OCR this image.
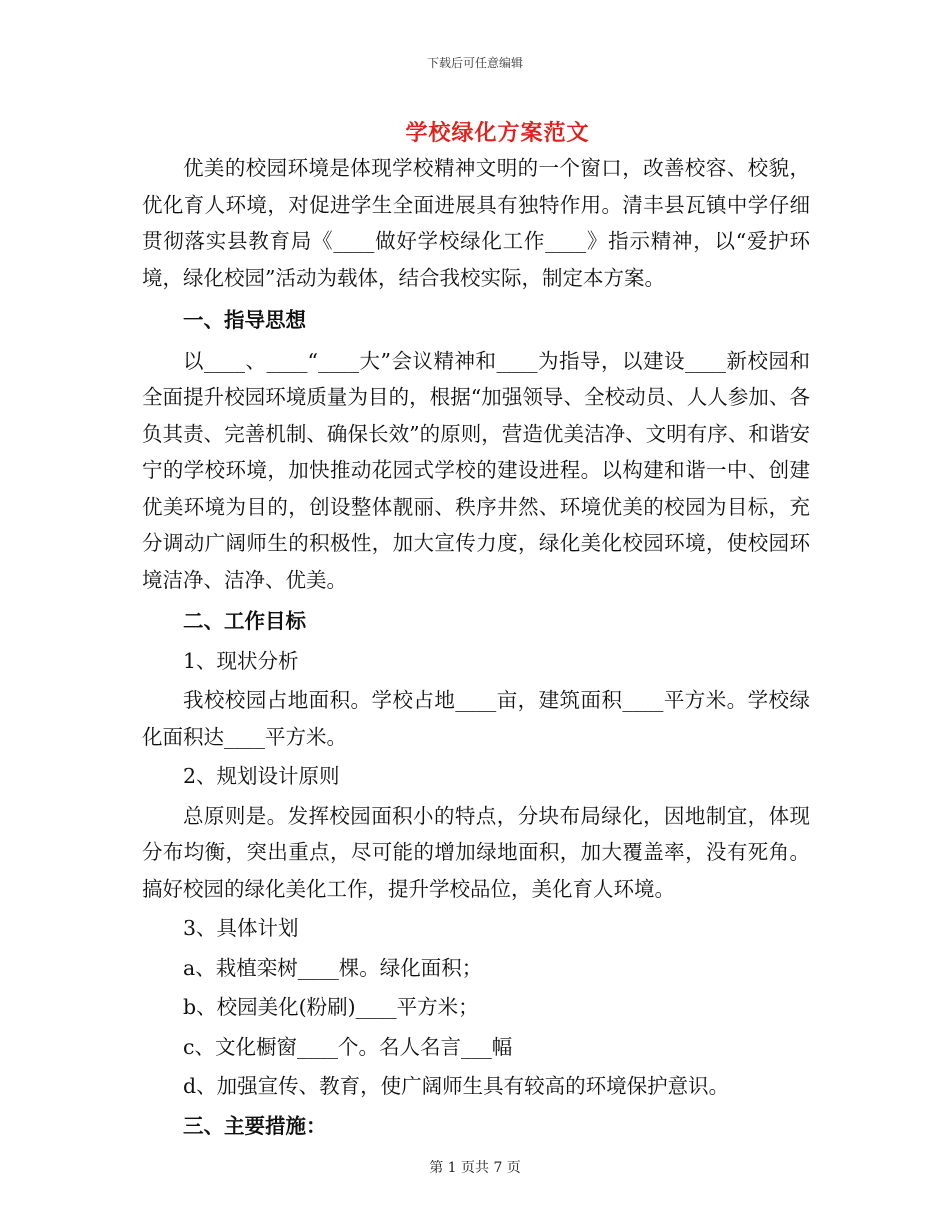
下载后可任意编辑
学校绿化方案范文

优美的校园环境是体现学校精神文明的一个窗口，改善校容、校貌，优化育人环境，对促进学生全面进展具有独特作用。清丰县瓦镇中学仔细贯彻落实县教育局《____做好学校绿化工作____》指示精神，以“爱护环境，绿化校园”活动为载体，结合我校实际，制定本方案。

一、指导思想

以____、____“____大”会议精神和____为指导，以建设____新校园和全面提升校园环境质量为目的，根据“加强领导、全校动员、人人参加、各负其责、完善机制、确保长效”的原则，营造优美洁净、文明有序、和谐安宁的学校环境，加快推动花园式学校的建设进程。以构建和谐一中、创建优美环境为目的，创设整体靓丽、秩序井然、环境优美的校园为目标，充分调动广阔师生的积极性，加大宣传力度，绿化美化校园环境，使校园环境洁净、洁净、优美。

二、工作目标

1、现状分析

我校校园占地面积。学校占地____亩，建筑面积____平方米。学校绿化面积达____平方米。

2、规划设计原则

总原则是。发挥校园面积小的特点，分块布局绿化，因地制宜，体现分布均衡，突出重点，尽可能的增加绿地面积，加大覆盖率，没有死角。搞好校园的绿化美化工作，提升学校品位，美化育人环境。

3、具体计划

a、栽植栾树____棵。绿化面积；

b、校园美化(粉刷)____平方米；

c、文化橱窗____个。名人名言___幅

d、加强宣传、教育，使广阔师生具有较高的环境保护意识。

三、主要措施：

第 1 页共 7 页
